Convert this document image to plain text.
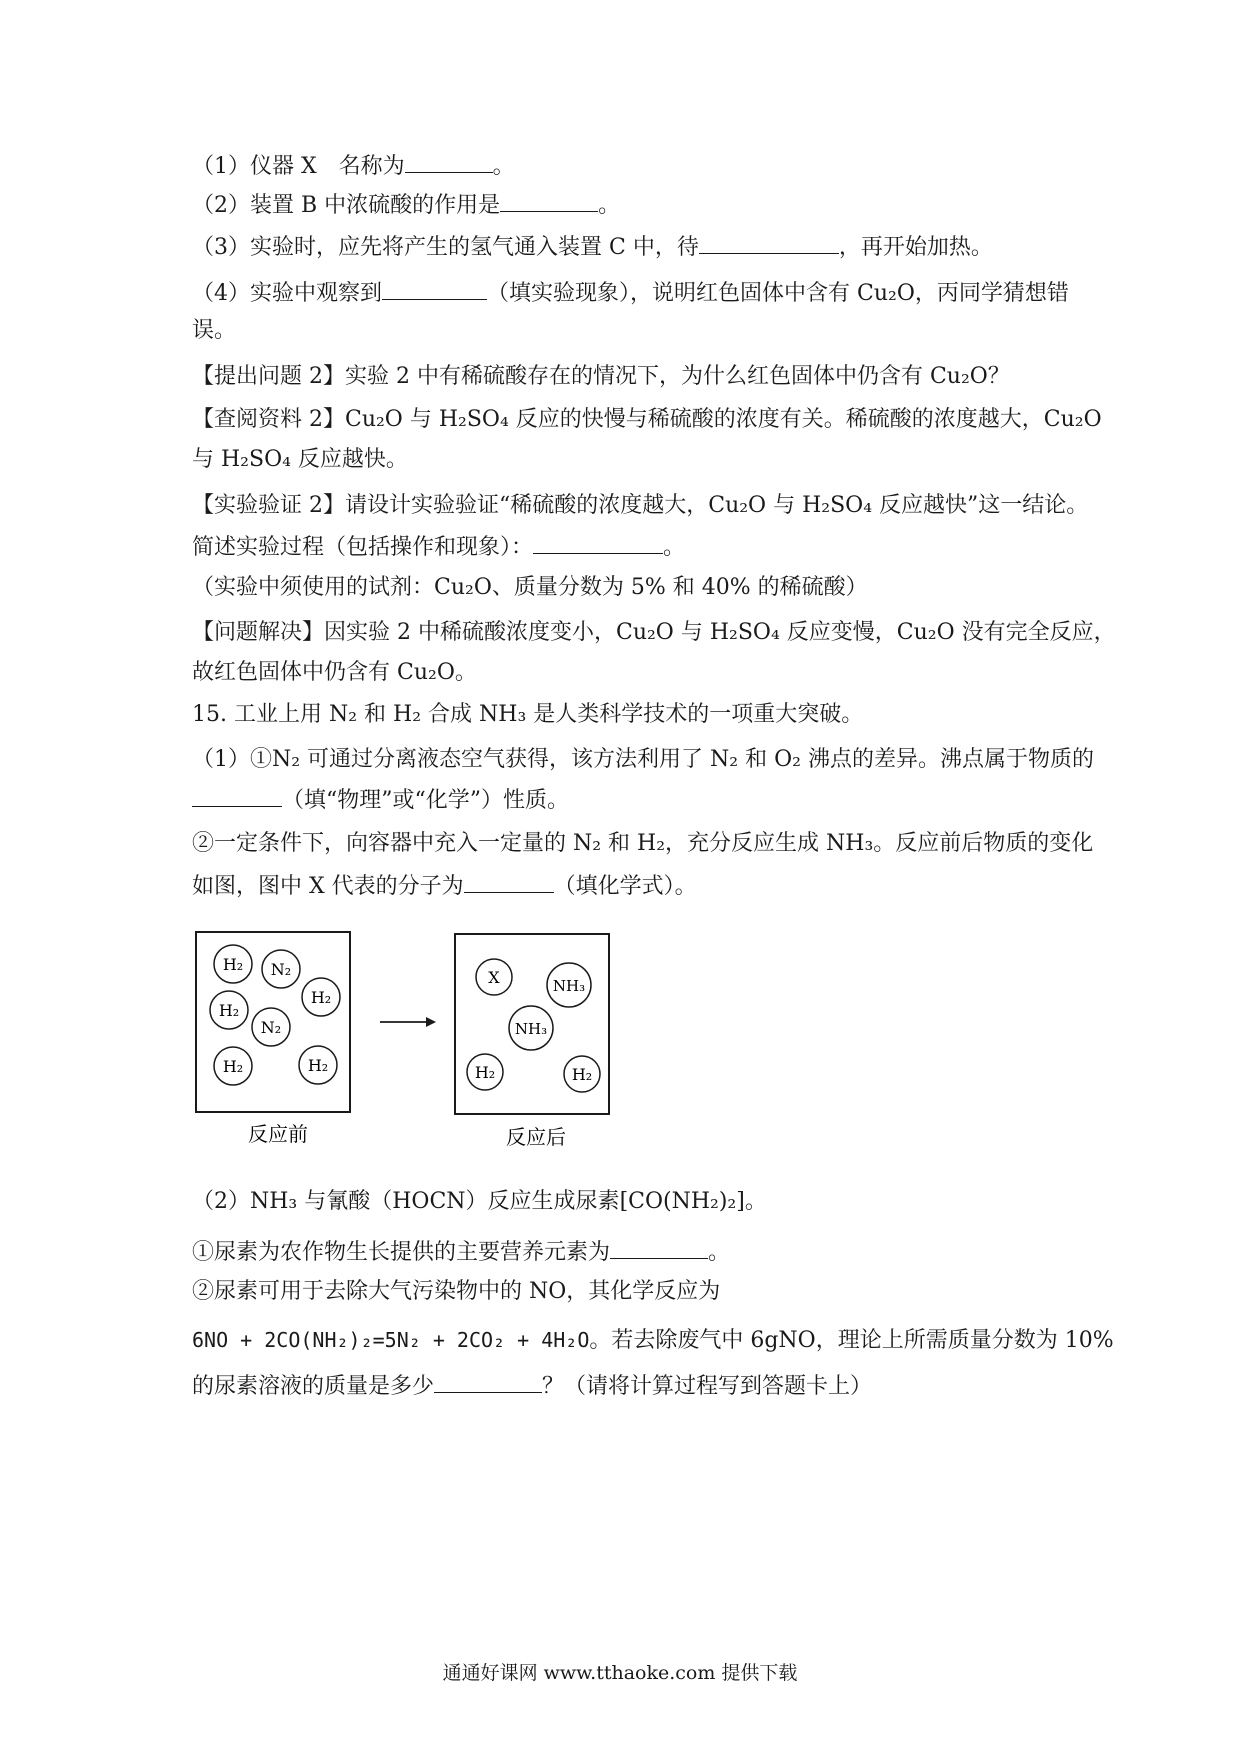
（1）仪器 X　名称为	。
（2）装置 B 中浓硫酸的作用是	。
（3）实验时，应先将产生的氢气通入装置 C 中，待	，再开始加热。
（4）实验中观察到	（填实验现象），说明红色固体中含有 Cu₂O，丙同学猜想错
误。
【提出问题 2】实验 2 中有稀硫酸存在的情况下，为什么红色固体中仍含有 Cu₂O？
【查阅资料 2】Cu₂O 与 H₂SO₄ 反应的快慢与稀硫酸的浓度有关。稀硫酸的浓度越大，Cu₂O
与 H₂SO₄ 反应越快。
【实验验证 2】请设计实验验证“稀硫酸的浓度越大，Cu₂O 与 H₂SO₄ 反应越快”这一结论。
简述实验过程（包括操作和现象）：	。
（实验中须使用的试剂：Cu₂O、质量分数为 5% 和 40% 的稀硫酸）
【问题解决】因实验 2 中稀硫酸浓度变小，Cu₂O 与 H₂SO₄ 反应变慢，Cu₂O 没有完全反应，
故红色固体中仍含有 Cu₂O。
15. 工业上用 N₂ 和 H₂ 合成 NH₃ 是人类科学技术的一项重大突破。
（1）①N₂ 可通过分离液态空气获得，该方法利用了 N₂ 和 O₂ 沸点的差异。沸点属于物质的
（填“物理”或“化学”）性质。
②一定条件下，向容器中充入一定量的 N₂ 和 H₂，充分反应生成 NH₃。反应前后物质的变化
如图，图中 X 代表的分子为	（填化学式）。
H₂ N₂
H₂
H₂
N₂
H₂	H₂
X	NH₃
NH₃
H₂	H₂
反应前	反应后
（2）NH₃ 与氰酸（HOCN）反应生成尿素[CO(NH₂)₂]。
①尿素为农作物生长提供的主要营养元素为	。
②尿素可用于去除大气污染物中的 NO，其化学反应为
6NO + 2CO(NH₂)₂=5N₂ + 2CO₂ + 4H₂O。若去除废气中 6gNO，理论上所需质量分数为 10%
的尿素溶液的质量是多少	？（请将计算过程写到答题卡上）
通通好课网 www.tthaoke.com 提供下载
